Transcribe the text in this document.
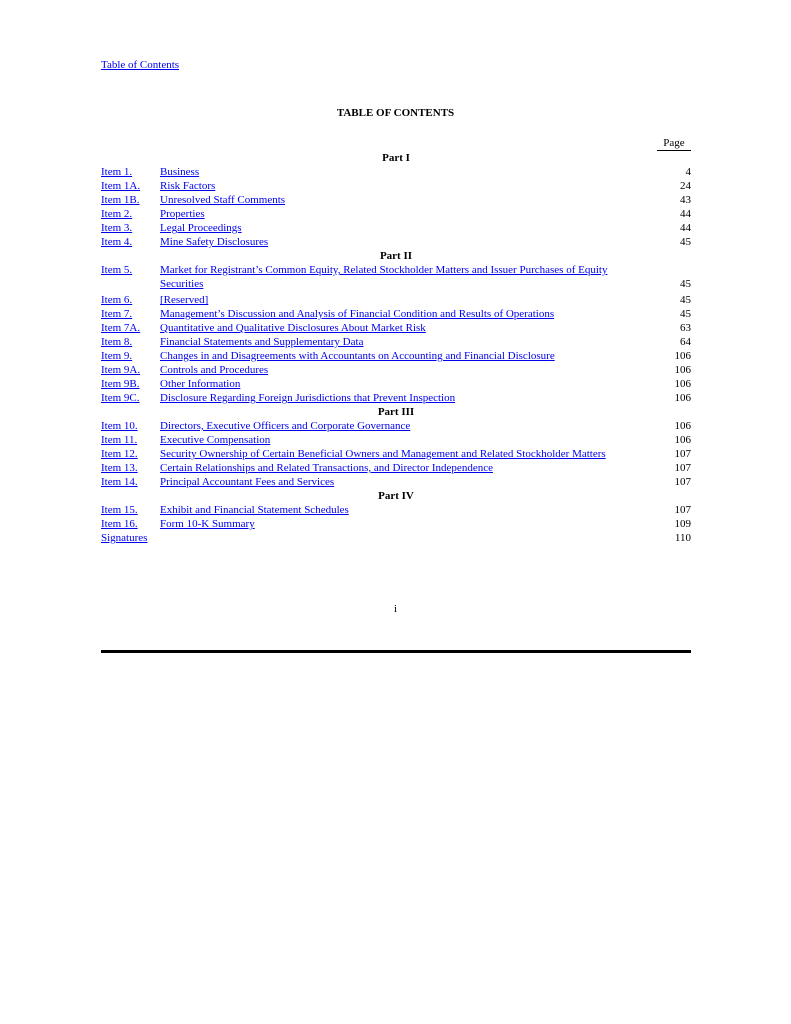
Table of Contents
TABLE OF CONTENTS
Page
Part I
Item 1.	Business	4
Item 1A. Risk Factors	24
Item 1B. Unresolved Staff Comments	43
Item 2.	Properties	44
Item 3.	Legal Proceedings	44
Item 4.	Mine Safety Disclosures	45
Part II
Item 5.	Market for Registrant’s Common Equity, Related Stockholder Matters and Issuer Purchases of Equity Securities	45
Item 6.	[Reserved]	45
Item 7.	Management’s Discussion and Analysis of Financial Condition and Results of Operations	45
Item 7A. Quantitative and Qualitative Disclosures About Market Risk	63
Item 8.	Financial Statements and Supplementary Data	64
Item 9.	Changes in and Disagreements with Accountants on Accounting and Financial Disclosure	106
Item 9A. Controls and Procedures	106
Item 9B. Other Information	106
Item 9C. Disclosure Regarding Foreign Jurisdictions that Prevent Inspection	106
Part III
Item 10. Directors, Executive Officers and Corporate Governance	106
Item 11. Executive Compensation	106
Item 12. Security Ownership of Certain Beneficial Owners and Management and Related Stockholder Matters	107
Item 13. Certain Relationships and Related Transactions, and Director Independence	107
Item 14. Principal Accountant Fees and Services	107
Part IV
Item 15. Exhibit and Financial Statement Schedules	107
Item 16. Form 10-K Summary	109
Signatures	110
i
